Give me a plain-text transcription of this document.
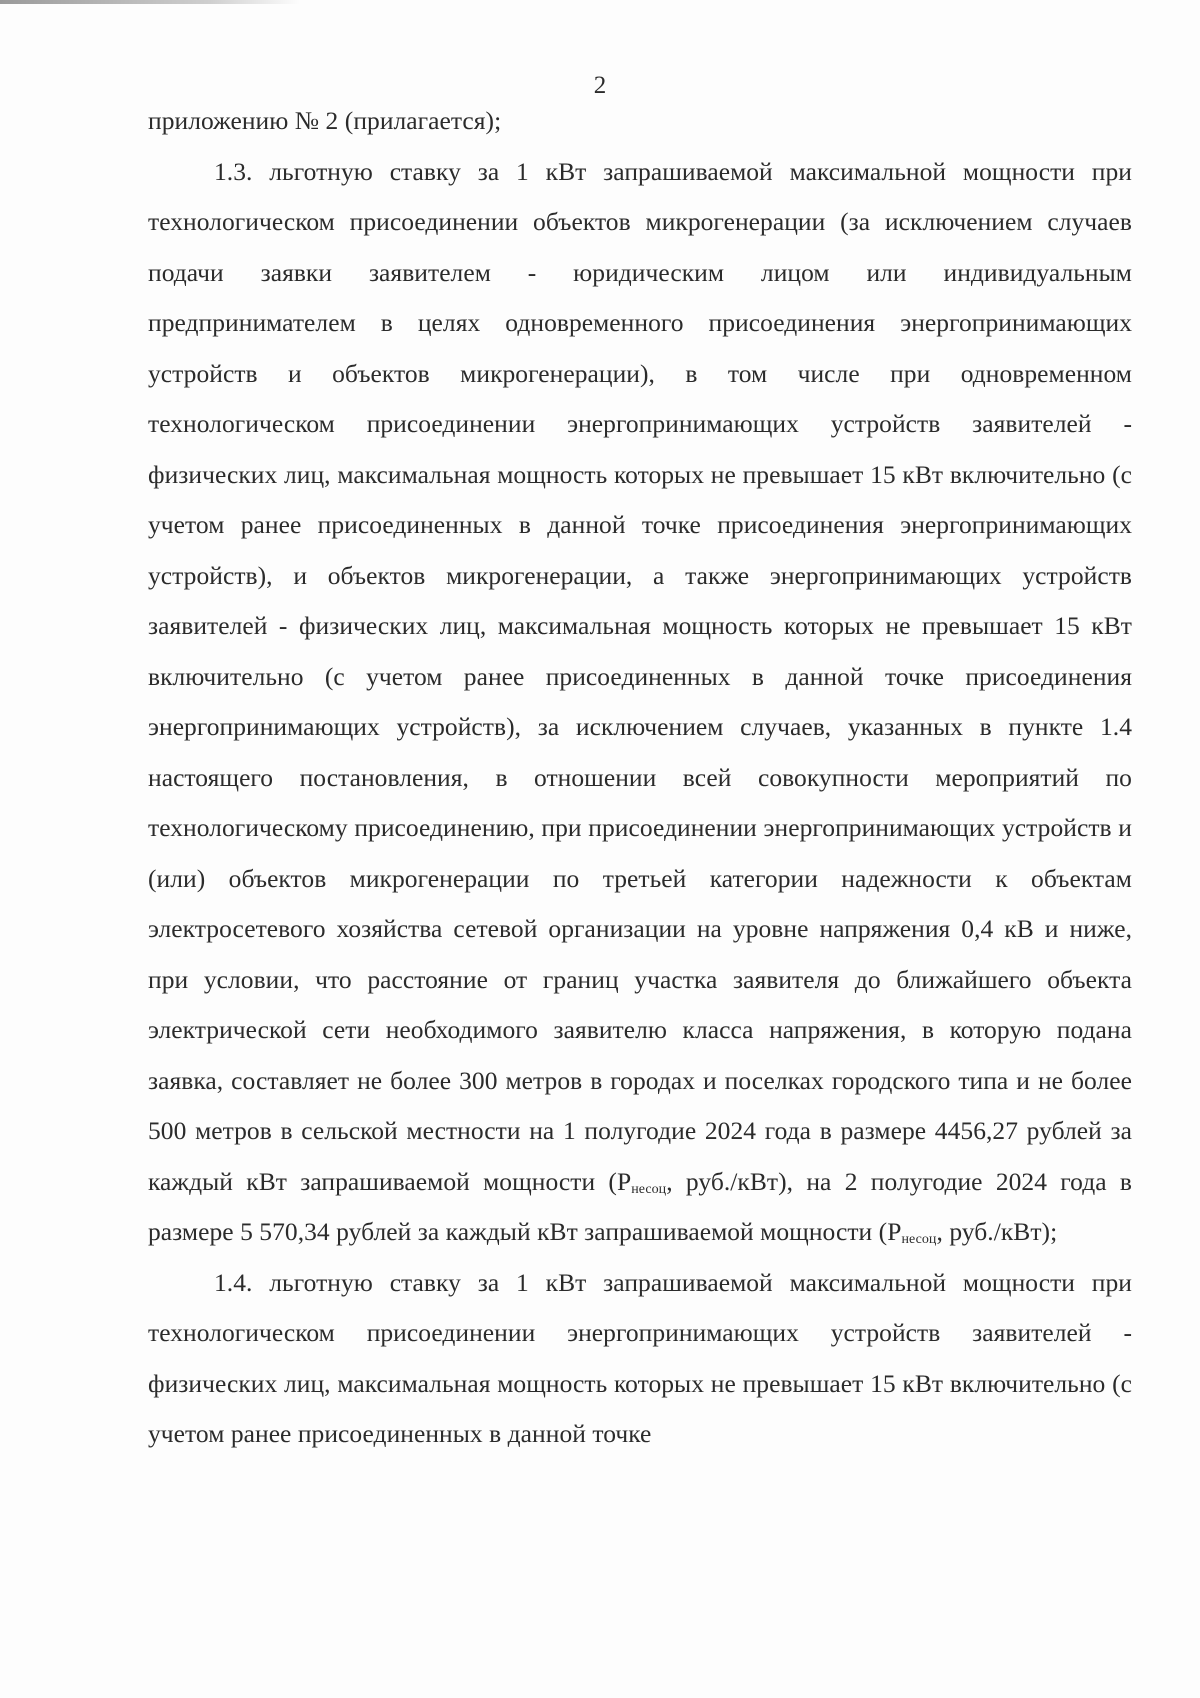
2

приложению № 2 (прилагается);

1.3. льготную ставку за 1 кВт запрашиваемой максимальной мощности при технологическом присоединении объектов микрогенерации (за исключением случаев подачи заявки заявителем - юридическим лицом или индивидуальным предпринимателем в целях одновременного присоединения энергопринимающих устройств и объектов микрогенерации), в том числе при одновременном технологическом присоединении энергопринимающих устройств заявителей - физических лиц, максимальная мощность которых не превышает 15 кВт включительно (с учетом ранее присоединенных в данной точке присоединения энергопринимающих устройств), и объектов микрогенерации, а также энергопринимающих устройств заявителей - физических лиц, максимальная мощность которых не превышает 15 кВт включительно (с учетом ранее присоединенных в данной точке присоединения энергопринимающих устройств), за исключением случаев, указанных в пункте 1.4 настоящего постановления, в отношении всей совокупности мероприятий по технологическому присоединению, при присоединении энергопринимающих устройств и (или) объектов микрогенерации по третьей категории надежности к объектам электросетевого хозяйства сетевой организации на уровне напряжения 0,4 кВ и ниже, при условии, что расстояние от границ участка заявителя до ближайшего объекта электрической сети необходимого заявителю класса напряжения, в которую подана заявка, составляет не более 300 метров в городах и поселках городского типа и не более 500 метров в сельской местности на 1 полугодие 2024 года в размере 4456,27 рублей за каждый кВт запрашиваемой мощности ($P_{несоц}$, руб./кВт), на 2 полугодие 2024 года в размере 5 570,34 рублей за каждый кВт запрашиваемой мощности ($P_{несоц}$, руб./кВт);

1.4. льготную ставку за 1 кВт запрашиваемой максимальной мощности при технологическом присоединении энергопринимающих устройств заявителей - физических лиц, максимальная мощность которых не превышает 15 кВт включительно (с учетом ранее присоединенных в данной точке
